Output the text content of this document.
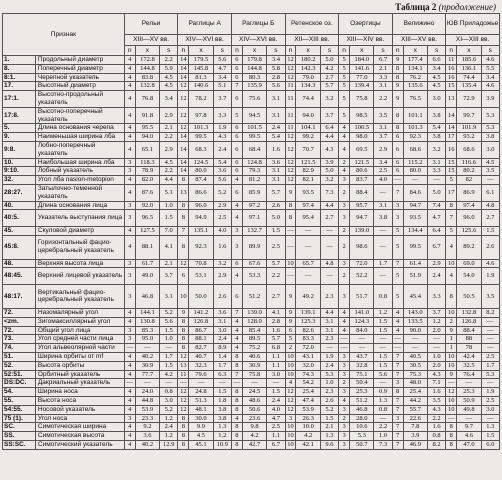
Таблица 2 (продолжение)
Признак		Рельи			Раглицы А			Раглицы Б			Ретенское оз.			Озертицы			Велижино			ЮВ Приладожье		
		XIII—XV вв.			XIV—XVI вв.			XIV—XVI вв.			XII—XIII вв.			XIII—XIV вв.			XIII—XV вв.			XI—XIII вв.		
		n	x	s	n	x	s	n	x	s	n	x	s	n	x	s	n	x	s	n	x	s
1.	Продольный диаметр	4	172.8	2.2	14	179.5	5.6	6	179.8	3.4	12	180.2	5.0	5	184.0	6.7	9	177.4	6.6	11	185.6	4.6
8.	Поперечный диаметр	4	144.8	5.9	14	145.8	4.7	6	144.8	5.8	12	142.3	4.2	5	141.6	2.1	8	134.1	3.4	16	136.1	5.5
8:1.	Черепной указатель	4	83.8	4.5	14	81.3	3.4	6	80.3	2.8	12	79.0	2.7	5	77.0	3.3	8	76.2	4.5	16	74.4	3.4
17.	Высотный диаметр	4	132.8	4.5	12	140.6	5.1	7	135.9	5.6	11	134.3	5.7	5	139.4	3.1	9	135.6	4.5	15	135.4	4.6
17:1.	Высотно-продольный указатель	4	76.8	3.4	12	78.2	3.7	6	75.6	3.1	11	74.4	3.2	5	75.8	2.2	9	76.5	3.0	13	72.9	3.9
17:8.	Высотно-поперечный указатель	4	91.8	2.9	12	97.8	3.3	5	94.5	3.1	11	94.0	3.7	5	98.5	3.5	8	101.1	3.8	14	99.7	5.3
5.	Длина основания черепа	4	95.5	2.1	12	101.3	1.9	6	101.5	2.4	11	104.1	6.4	4	100.5	3.1	8	101.3	5.4	14	101.9	5.3
9.	Наименьшая ширина лба	4	94.0	2.2	14	99.5	4.3	6	99.5	5.4	12	99.2	4.4	4	98.0	3.7	6	92.3	3.8	17	93.2	3.8
9:8.	Лобно-поперечный указатель	4	65.1	2.9	14	68.3	2.4	6	68.4	1.6	12	70.7	4.3	4	69.5	2.9	6	68.6	3.2	16	68.6	3.0
10.	Наибольшая ширина лба	3	118.3	4.5	14	124.5	5.4	6	124.8	3.6	12	121.5	3.9	2	121.5	3.4	6	115.2	3.1	15	116.6	4.5
9:10.	Лобный указатель	3	78.9	2.2	14	80.0	3.6	6	79.3	3.1	12	82.9	5.0	4	80.6	2.5	6	80.0	3.3	15	80.2	3.5
32.	Угол лба nasion-metopion	4	82.0	4.4	8	87.4	5.6	4	81.2	3.1	12	82.1	3.2	3	83.7	4.0	—	—	—	5	82	—
28:27.	Затылочно-теменной указатель	4	87.6	5.1	13	86.6	5.2	6	85.9	5.7	9	93.5	7.3	2	88.4	—	7	84.6	5.0	17	86.9	6.1
40.	Длина основания лица	3	92.0	1.0	8	96.0	2.9	4	97.2	2.6	8	97.4	4.4	3	95.7	3.1	3	94.7	7.4	8	97.4	4.8
40:5.	Указатель выступания лица	3	96.5	1.5	8	94.9	2.5	4	97.1	5.0	8	95.4	2.7	3	94.7	3.8	3	93.5	4.7	7	96.0	2.7
45.	Скуловой диаметр	4	127.5	7.0	7	135.1	4.0	3	132.7	1.5	—	—	—	2	139.0	—	5	134.4	6.4	5	125.6	1.5
45:8.	Горизонтальный фацио-церебральный указатель	4	88.1	4.1	8	92.3	1.6	3	89.9	2.5	—	—	—	2	98.6	—	5	99.5	6.7	4	89.2	2.6
48.	Верхняя высота лица	3	61.7	2.1	12	70.8	3.2	6	67.6	5.7	10	65.7	4.8	3	72.0	1.7	7	61.4	2.9	10	69.0	4.6
48:45.	Верхний лицевой указатель	3	49.0	3.7	6	53.1	2.9	4	53.3	2.2	—	—	—	2	52.2	—	5	51.9	2.4	4	54.0	1.9
48:17.	Вертикальный фацио-церебральный указатель	3	46.8	3.1	10	50.0	2.6	6	51.2	2.7	9	49.2	2.3	3	51.7	0.8	5	45.4	3.3	8	50.5	3.5
72.	Назомалярный угол	4	144.1	5.2	9	141.2	3.6	7	139.0	4.1	9	139.1	4.4	4	141.0	1.2	4	143.0	3.7	10	132.8	8.2
<zm.	Зигомаксиллярный угол	4	130.8	5.6	8	126.8	3.1	4	128.0	2.8	9	125.3	3.1	4	124.3	1.5	4	133.5	1.2	2	126.8	—
72.	Общий угол лица	3	85.3	1.5	8	86.7	3.0	4	85.4	1.6	6	82.6	3.1	4	84.0	1.5	4	90.0	2.0	9	88.4	—
73.	Угол средней части лица	3	95.0	1.0	8	88.1	2.4	4	89.5	5.7	5	83.3	2.3	—	—	—	—	—	—	1	88	—
74.	Угол альвеолярной части	—	—	—	8	82.7	8.9	4	75.2	6.8	2	72.0	—	—	—	—	—	—	—	1	78	—
51.	Ширина орбиты от mf	4	40.2	1.7	12	40.7	1.4	8	40.6	1.1	10	43.1	1.9	3	43.7	1.5	7	40.5	1.0	10	42.4	2.5
52.	Высота орбиты	4	30.9	1.5	13	32.3	1.7	8	30.9	1.1	10	32.0	2.4	3	32.8	1.5	7	30.5	2.0	10	32.5	1.7
52:51.	Орбитный указатель	4	77.7	4.2	11	79.6	6.3	7	75.8	3.0	10	74.3	5.3	3	75.1	5.6	7	75.3	4.3	9	76.4	5.3
DS:DC.	Дакриальный указатель	—	—	—	—	—	—	—	—	—	4	54.2	1.0	2	50.4	—	3	48.0	7.1	—	—	—
54.	Ширина носа	4	24.0	0.8	12	24.8	1.5	8	24.5	1.5	12	25.4	2.3	3	25.3	0.9	8	25.4	1.6	12	25.3	1.9
55.	Высота носа	4	44.8	3.0	12	51.3	1.8	8	48.6	2.4	12	47.4	2.6	4	51.2	1.3	7	44.2	3.5	10	50.9	2.5
54:55.	Носовой указатель	4	53.9	5.2	12	48.1	3.8	8	50.6	4.0	12	53.9	5.2	3	46.8	0.8	7	55.7	4.3	10	49.8	3.0
75 (1).	Угол носа	3	23.3	1.2	8	30.0	3.8	4	23.6	4.7	3	26.3	1.5	2	28.0	—	3	22.6	2.2	—	—	—
SC.	Симотическая ширина	4	9.2	2.4	8	9.9	1.3	8	9.8	2.5	10	10.0	2.1	3	10.6	2.2	7	7.8	1.6	8	9.7	1.3
SS.	Симотическая высота	4	3.6	1.2	8	4.5	1.2	8	4.2	1.1	10	4.2	1.3	3	5.3	1.0	7	3.9	0.8	8	4.6	1.5
SS:SC.	Симотический указатель	4	40.2	12.9	8	45.1	10.9	8	42.7	6.7	10	42.1	9.6	3	50.7	7.3	7	46.9	8.2	8	47.0	6.0
